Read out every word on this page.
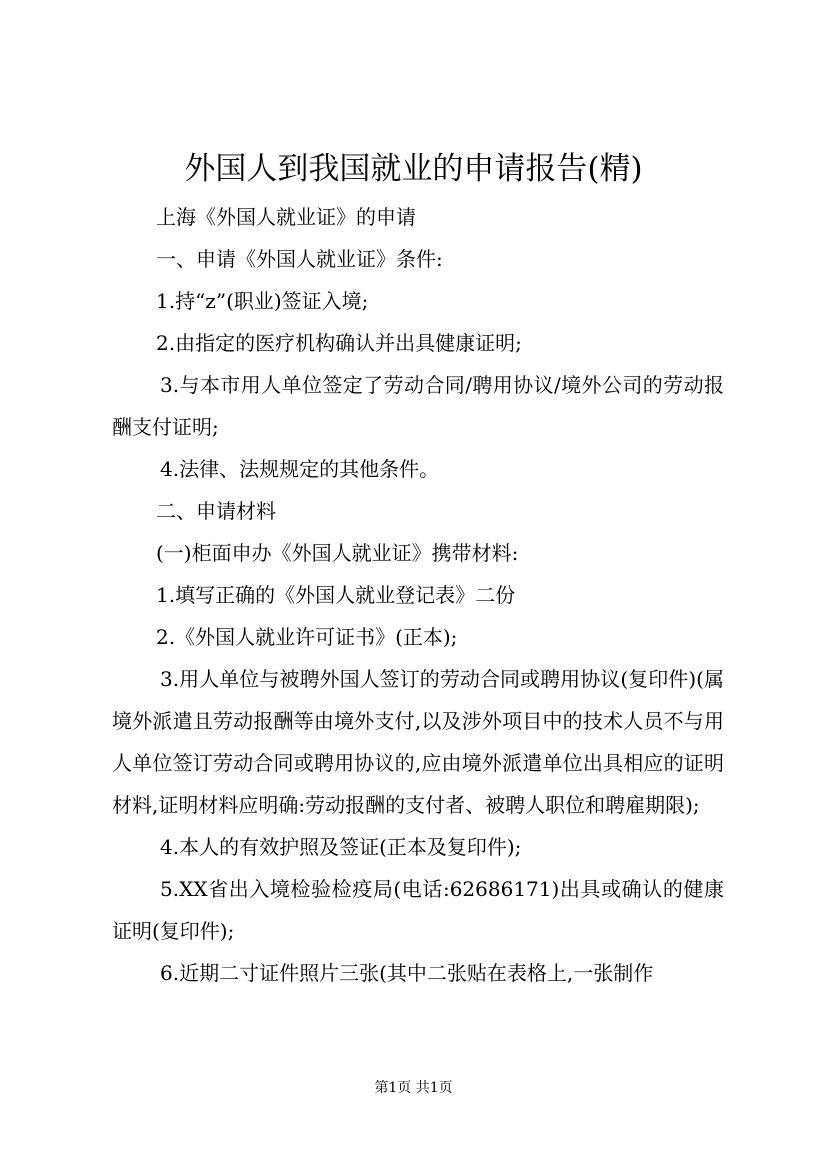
外国人到我国就业的申请报告(精)

上海《外国人就业证》的申请

一、申请《外国人就业证》条件:

1.持“z”(职业)签证入境;

2.由指定的医疗机构确认并出具健康证明;

3.与本市用人单位签定了劳动合同/聘用协议/境外公司的劳动报酬支付证明;

4.法律、法规规定的其他条件。

二、申请材料

(一)柜面申办《外国人就业证》携带材料:

1.填写正确的《外国人就业登记表》二份

2.《外国人就业许可证书》(正本);

3.用人单位与被聘外国人签订的劳动合同或聘用协议(复印件)(属境外派遣且劳动报酬等由境外支付,以及涉外项目中的技术人员不与用人单位签订劳动合同或聘用协议的,应由境外派遣单位出具相应的证明材料,证明材料应明确:劳动报酬的支付者、被聘人职位和聘雇期限);

4.本人的有效护照及签证(正本及复印件);

5.XX省出入境检验检疫局(电话:62686171)出具或确认的健康证明(复印件);

6.近期二寸证件照片三张(其中二张贴在表格上,一张制作

第1页 共1页
